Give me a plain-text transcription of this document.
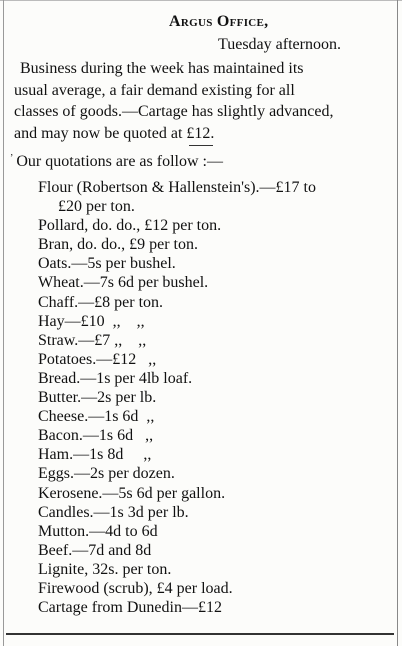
Argus Office,
Tuesday afternoon.
Business during the week has maintained its
usual average, a fair demand existing for all
classes of goods.—Cartage has slightly advanced,
and may now be quoted at £12.
’ Our quotations are as follow :—
Flour (Robertson & Hallenstein's).—£17 to
£20 per ton.
Pollard, do. do., £12 per ton.
Bran, do. do., £9 per ton.
Oats.—5s per bushel.
Wheat.—7s 6d per bushel.
Chaff.—£8 per ton.
Hay—£10  ,,    ,,
Straw.—£7 ,,    ,,
Potatoes.—£12   ,,
Bread.—1s per 4lb loaf.
Butter.—2s per lb.
Cheese.—1s 6d  ,,
Bacon.—1s 6d   ,,
Ham.—1s 8d     ,,
Eggs.—2s per dozen.
Kerosene.—5s 6d per gallon.
Candles.—1s 3d per lb.
Mutton.—4d to 6d
Beef.—7d and 8d
Lignite, 32s. per ton.
Firewood (scrub), £4 per load.
Cartage from Dunedin—£12
